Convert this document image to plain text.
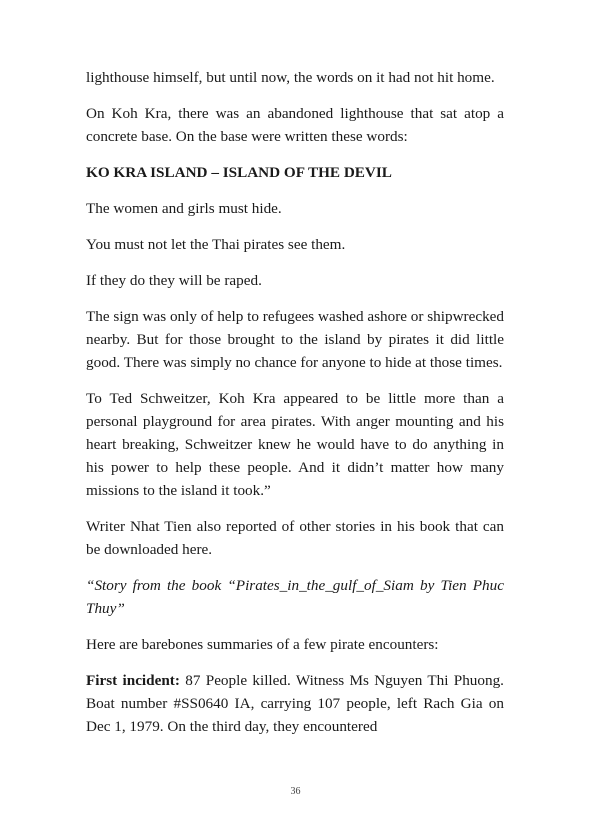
lighthouse himself, but until now, the words on it had not hit home.

On Koh Kra, there was an abandoned lighthouse that sat atop a concrete base. On the base were written these words:

KO KRA ISLAND – ISLAND OF THE DEVIL

The women and girls must hide.

You must not let the Thai pirates see them.

If they do they will be raped.

The sign was only of help to refugees washed ashore or shipwrecked nearby. But for those brought to the island by pirates it did little good. There was simply no chance for anyone to hide at those times.

To Ted Schweitzer, Koh Kra appeared to be little more than a personal playground for area pirates. With anger mounting and his heart breaking, Schweitzer knew he would have to do anything in his power to help these people. And it didn’t matter how many missions to the island it took.”

Writer Nhat Tien also reported of other stories in his book that can be downloaded here.

“Story from the book “Pirates_in_the_gulf_of_Siam by Tien Phuc Thuy”

Here are barebones summaries of a few pirate encounters:

First incident: 87 People killed. Witness Ms Nguyen Thi Phuong. Boat number #SS0640 IA, carrying 107 people, left Rach Gia on Dec 1, 1979. On the third day, they encountered

36
